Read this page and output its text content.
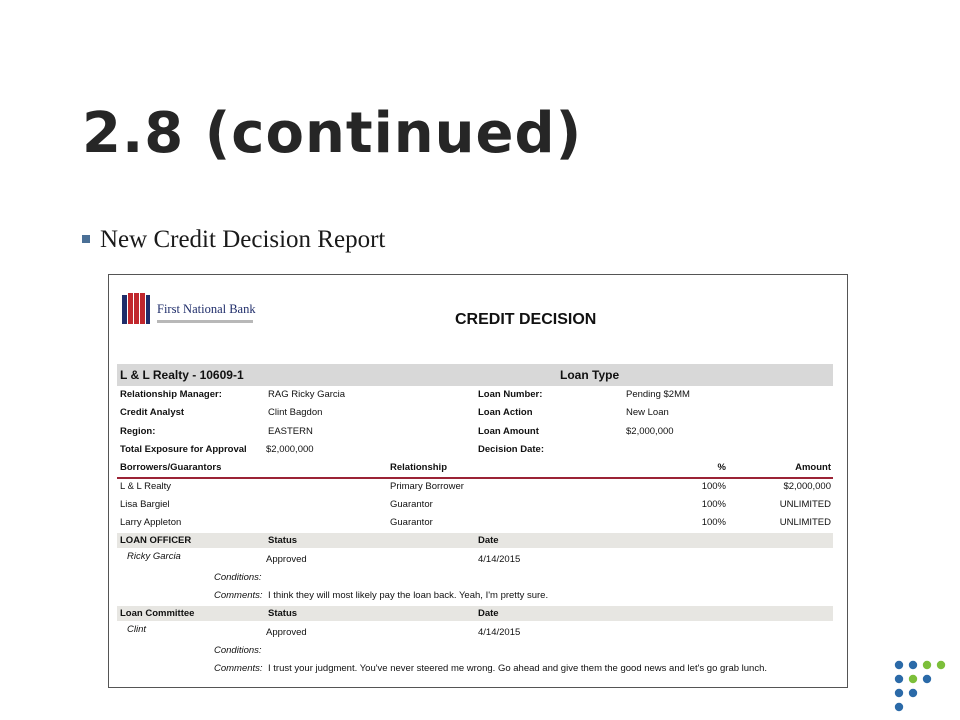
2.8 (continued)
New Credit Decision Report
First National Bank
CREDIT DECISION
L & L Realty - 10609-1	Loan Type
Relationship Manager:	RAG Ricky Garcia
Credit Analyst	Clint Bagdon
Region:	EASTERN
Total Exposure for Approval $2,000,000
Loan Number:	Pending $2MM
Loan Action	New Loan
Loan Amount	$2,000,000
Decision Date:
Borrowers/Guarantors	Relationship	%	Amount
L & L Realty	Primary Borrower	100%	$2,000,000
Lisa Bargiel	Guarantor	100%	UNLIMITED
Larry Appleton	Guarantor	100%	UNLIMITED
LOAN OFFICER	Status	Date
Ricky Garcia	Approved	4/14/2015
Conditions:
Comments: I think they will most likely pay the loan back. Yeah, I'm pretty sure.
Loan Committee	Status	Date
Clint	Approved	4/14/2015
Conditions:
Comments: I trust your judgment. You've never steered me wrong. Go ahead and give them the good news and let's go grab lunch.
